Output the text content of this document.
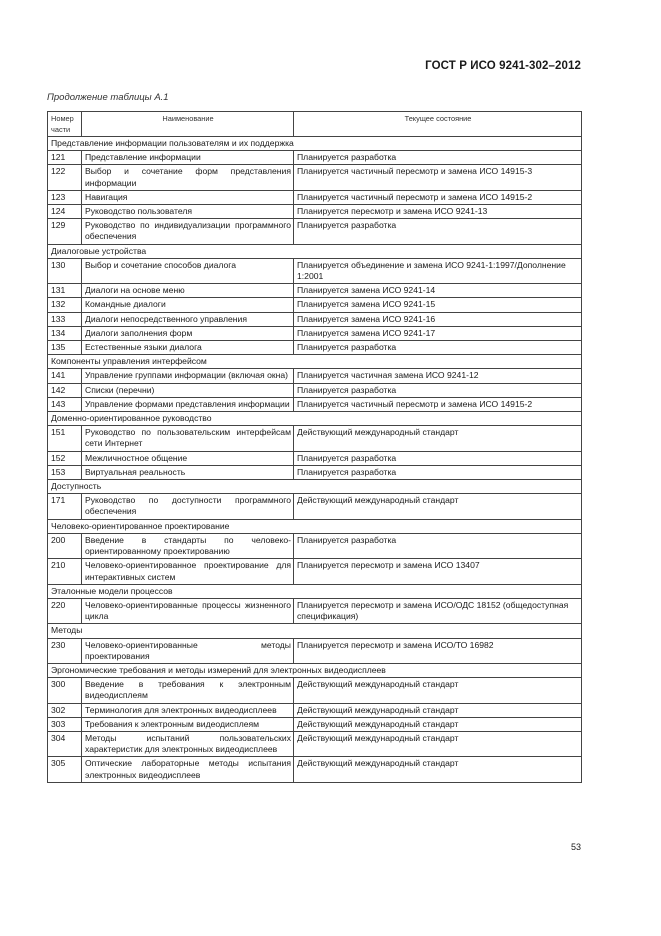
ГОСТ Р ИСО 9241-302–2012
Продолжение таблицы А.1
Номер части	Наименование	Текущее состояние
Представление информации пользователям и их поддержка		
121	Представление информации	Планируется разработка
122	Выбор и сочетание форм представления информации	Планируется частичный пересмотр и замена ИСО 14915-3
123	Навигация	Планируется частичный пересмотр и замена ИСО 14915-2
124	Руководство пользователя	Планируется пересмотр и замена ИСО 9241-13
129	Руководство по индивидуализации программного обеспечения	Планируется разработка
Диалоговые устройства		
130	Выбор и сочетание способов диалога	Планируется объединение и замена ИСО 9241-1:1997/Дополнение 1:2001
131	Диалоги на основе меню	Планируется замена ИСО 9241-14
132	Командные диалоги	Планируется замена ИСО 9241-15
133	Диалоги непосредственного управления	Планируется замена ИСО 9241-16
134	Диалоги заполнения форм	Планируется замена ИСО 9241-17
135	Естественные языки диалога	Планируется разработка
Компоненты управления интерфейсом		
141	Управление группами информации (включая окна)	Планируется частичная замена ИСО 9241-12
142	Списки (перечни)	Планируется разработка
143	Управление формами представления информации	Планируется частичный пересмотр и замена ИСО 14915-2
Доменно-ориентированное руководство		
151	Руководство по пользовательским интерфейсам сети Интернет	Действующий международный стандарт
152	Межличностное общение	Планируется разработка
153	Виртуальная реальность	Планируется разработка
Доступность		
171	Руководство по доступности программного обеспечения	Действующий международный стандарт
Человеко-ориентированное проектирование		
200	Введение в стандарты по человеко-ориентированному проектированию	Планируется разработка
210	Человеко-ориентированное проектирование для интерактивных систем	Планируется пересмотр и замена ИСО 13407
Эталонные модели процессов		
220	Человеко-ориентированные процессы жизненного цикла	Планируется пересмотр и замена ИСО/ОДС 18152 (общедоступная спецификация)
Методы		
230	Человеко-ориентированные методы проектирования	Планируется пересмотр и замена ИСО/ТО 16982
Эргономические требования и методы измерений для электронных видеодисплеев		
300	Введение в требования к электронным видеодисплеям	Действующий международный стандарт
302	Терминология для электронных видеодисплеев	Действующий международный стандарт
303	Требования к электронным видеодисплеям	Действующий международный стандарт
304	Методы испытаний пользовательских характеристик для электронных видеодисплеев	Действующий международный стандарт
305	Оптические лабораторные методы испытания электронных видеодисплеев	Действующий международный стандарт
53
